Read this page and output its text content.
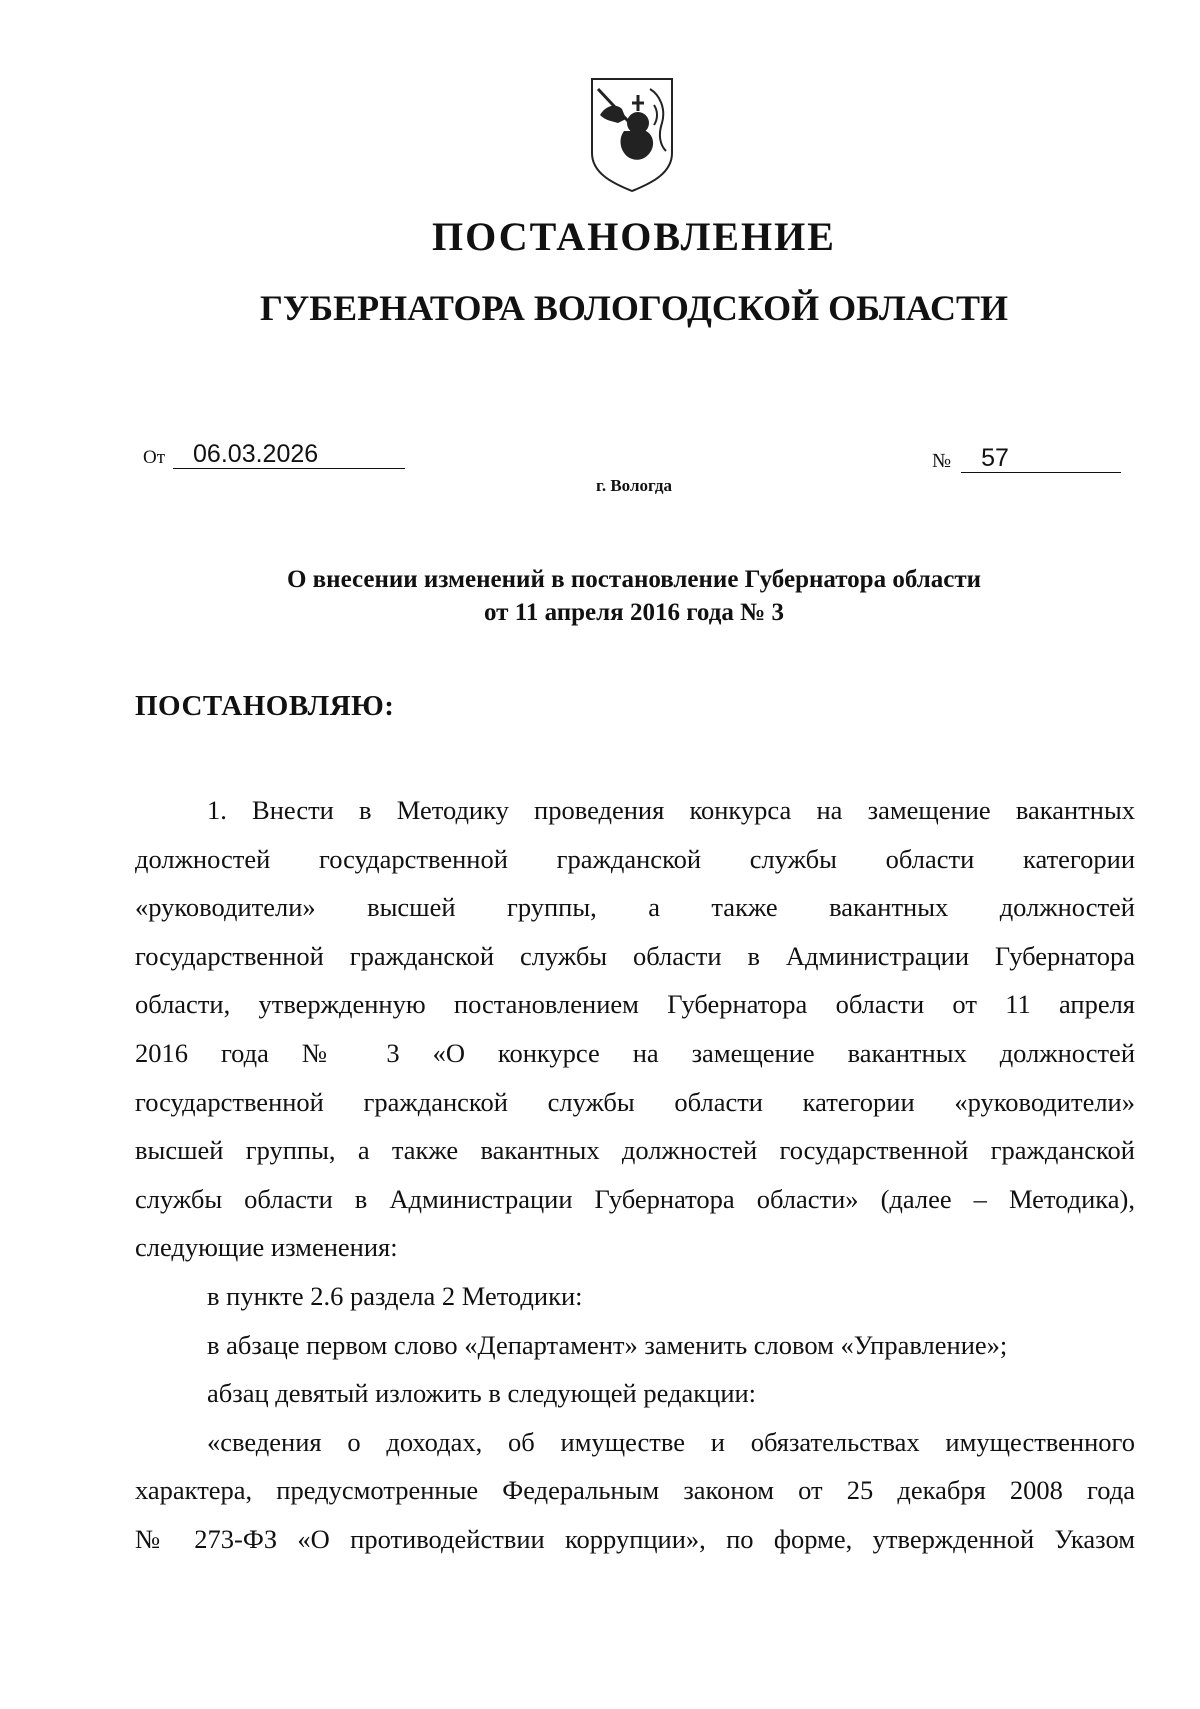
ПОСТАНОВЛЕНИЕ
ГУБЕРНАТОРА ВОЛОГОДСКОЙ ОБЛАСТИ
От	06.03.2026	№	57
г. Вологда
О внесении изменений в постановление Губернатора области
от 11 апреля 2016 года № 3
ПОСТАНОВЛЯЮ:
1. Внести в Методику проведения конкурса на замещение вакантных
должностей государственной гражданской службы области категории
«руководители» высшей группы, а также вакантных должностей
государственной гражданской службы области в Администрации Губернатора
области, утвержденную постановлением Губернатора области от 11 апреля
2016 года № 3 «О конкурсе на замещение вакантных должностей
государственной гражданской службы области категории «руководители»
высшей группы, а также вакантных должностей государственной гражданской
службы области в Администрации Губернатора области» (далее – Методика),
следующие изменения:
в пункте 2.6 раздела 2 Методики:
в абзаце первом слово «Департамент» заменить словом «Управление»;
абзац девятый изложить в следующей редакции:
«сведения о доходах, об имуществе и обязательствах имущественного
характера, предусмотренные Федеральным законом от 25 декабря 2008 года
№ 273-ФЗ «О противодействии коррупции», по форме, утвержденной Указом
